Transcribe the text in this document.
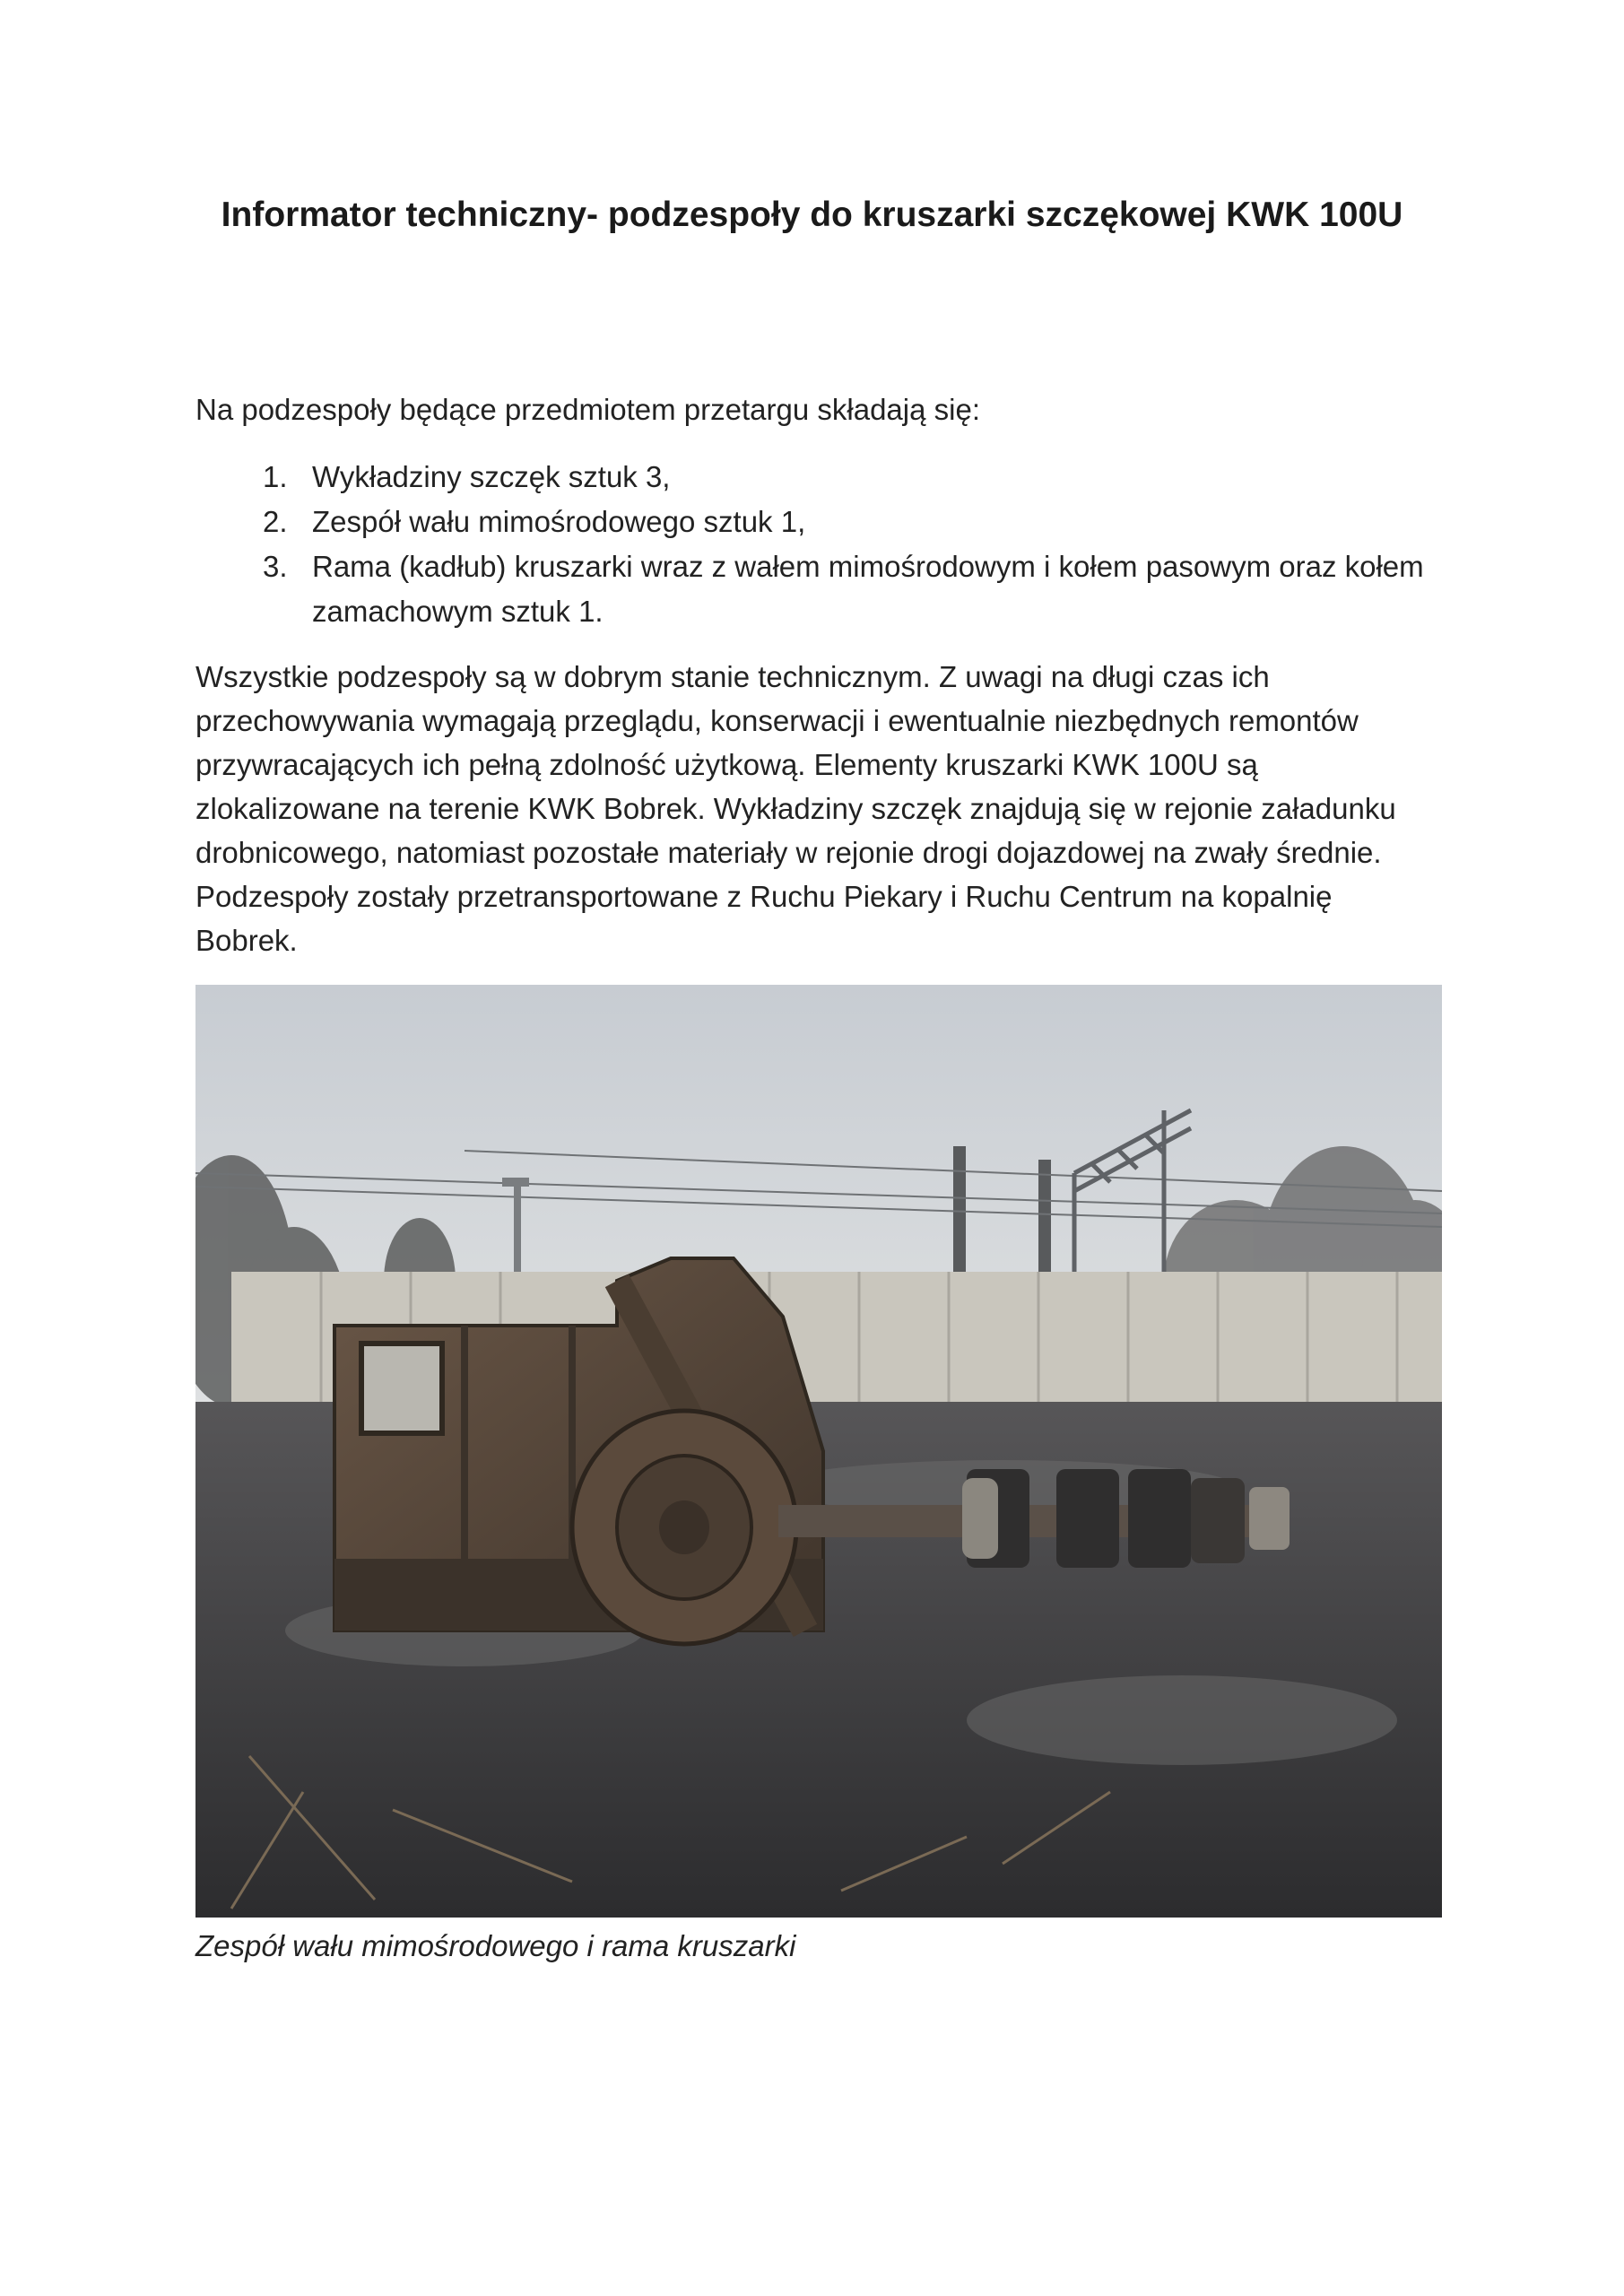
Informator techniczny- podzespoły do kruszarki szczękowej KWK 100U

Na podzespoły będące przedmiotem przetargu składają się:

1. Wykładziny szczęk sztuk 3,
2. Zespół wału mimośrodowego sztuk 1,
3. Rama (kadłub) kruszarki wraz z wałem mimośrodowym i kołem pasowym oraz kołem zamachowym sztuk 1.

Wszystkie podzespoły są w dobrym stanie technicznym. Z uwagi na długi czas ich przechowywania wymagają przeglądu, konserwacji i ewentualnie niezbędnych remontów przywracających ich pełną zdolność użytkową. Elementy kruszarki KWK 100U są zlokalizowane na terenie KWK Bobrek. Wykładziny szczęk znajdują się w rejonie załadunku drobnicowego, natomiast pozostałe materiały w rejonie drogi dojazdowej na zwały średnie. Podzespoły zostały przetransportowane z Ruchu Piekary i Ruchu Centrum na kopalnię Bobrek.

Zespół wału mimośrodowego i rama kruszarki
